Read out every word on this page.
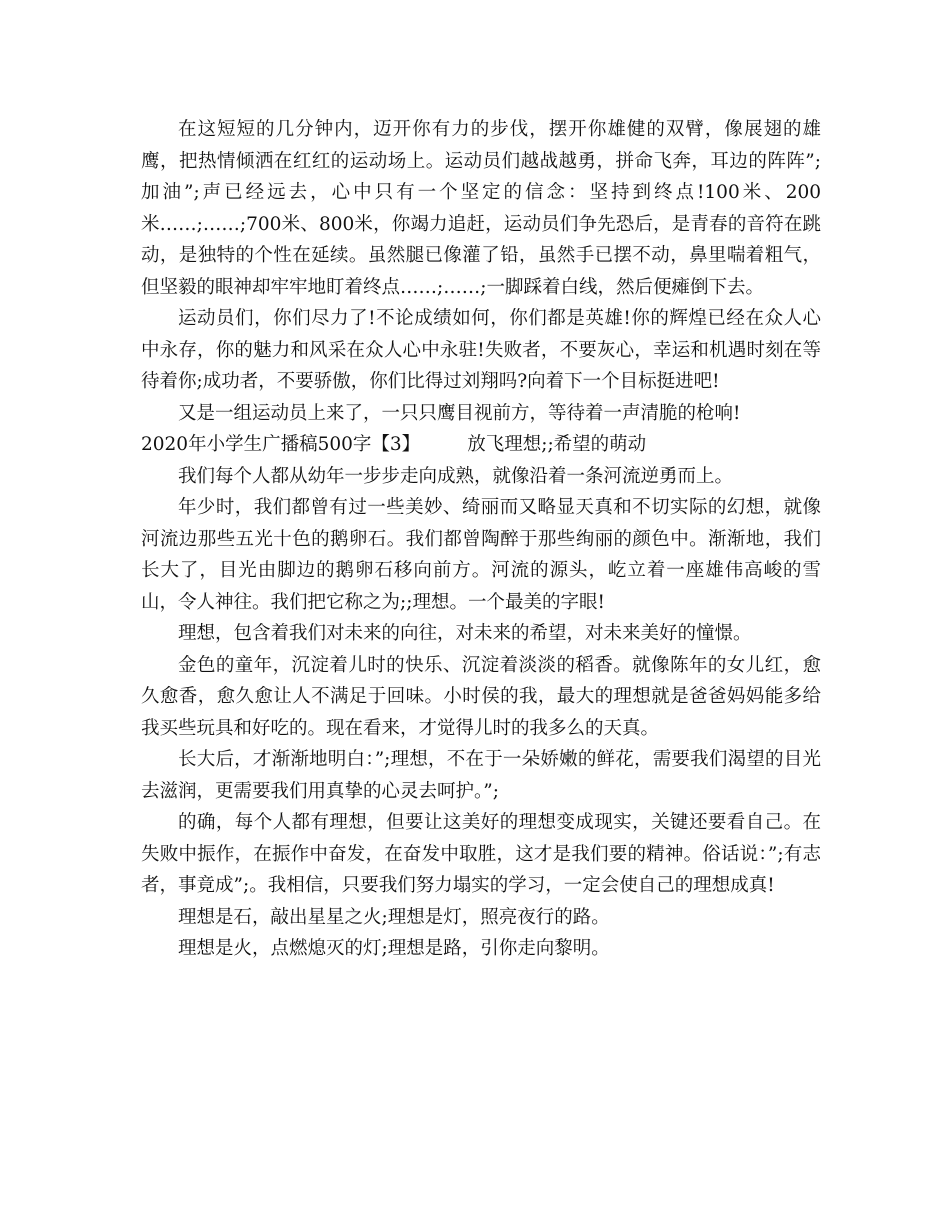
在这短短的几分钟内，迈开你有力的步伐，摆开你雄健的双臂，像展翅的雄鹰，把热情倾洒在红红的运动场上。运动员们越战越勇，拼命飞奔，耳边的阵阵”;加油”;声已经远去，心中只有一个坚定的信念：坚持到终点!100米、200米……;……;700米、800米，你竭力追赶，运动员们争先恐后，是青春的音符在跳动，是独特的个性在延续。虽然腿已像灌了铅，虽然手已摆不动，鼻里喘着粗气，但坚毅的眼神却牢牢地盯着终点……;……;一脚踩着白线，然后便瘫倒下去。

运动员们，你们尽力了!不论成绩如何，你们都是英雄!你的辉煌已经在众人心中永存，你的魅力和风采在众人心中永驻!失败者，不要灰心，幸运和机遇时刻在等待着你;成功者，不要骄傲，你们比得过刘翔吗?向着下一个目标挺进吧!

又是一组运动员上来了，一只只鹰目视前方，等待着一声清脆的枪响!

2020年小学生广播稿500字【3】        放飞理想;;希望的萌动

我们每个人都从幼年一步步走向成熟，就像沿着一条河流逆勇而上。

年少时，我们都曾有过一些美妙、绮丽而又略显天真和不切实际的幻想，就像河流边那些五光十色的鹅卵石。我们都曾陶醉于那些绚丽的颜色中。渐渐地，我们长大了，目光由脚边的鹅卵石移向前方。河流的源头，屹立着一座雄伟高峻的雪山，令人神往。我们把它称之为;;理想。一个最美的字眼!

理想，包含着我们对未来的向往，对未来的希望，对未来美好的憧憬。

金色的童年，沉淀着儿时的快乐、沉淀着淡淡的稻香。就像陈年的女儿红，愈久愈香，愈久愈让人不满足于回味。小时侯的我，最大的理想就是爸爸妈妈能多给我买些玩具和好吃的。现在看来，才觉得儿时的我多么的天真。

长大后，才渐渐地明白：”;理想，不在于一朵娇嫩的鲜花，需要我们渴望的目光去滋润，更需要我们用真挚的心灵去呵护。”;

的确，每个人都有理想，但要让这美好的理想变成现实，关键还要看自己。在失败中振作，在振作中奋发，在奋发中取胜，这才是我们要的精神。俗话说：”;有志者，事竟成”;。我相信，只要我们努力塌实的学习，一定会使自己的理想成真!

理想是石，敲出星星之火;理想是灯，照亮夜行的路。

理想是火，点燃熄灭的灯;理想是路，引你走向黎明。
